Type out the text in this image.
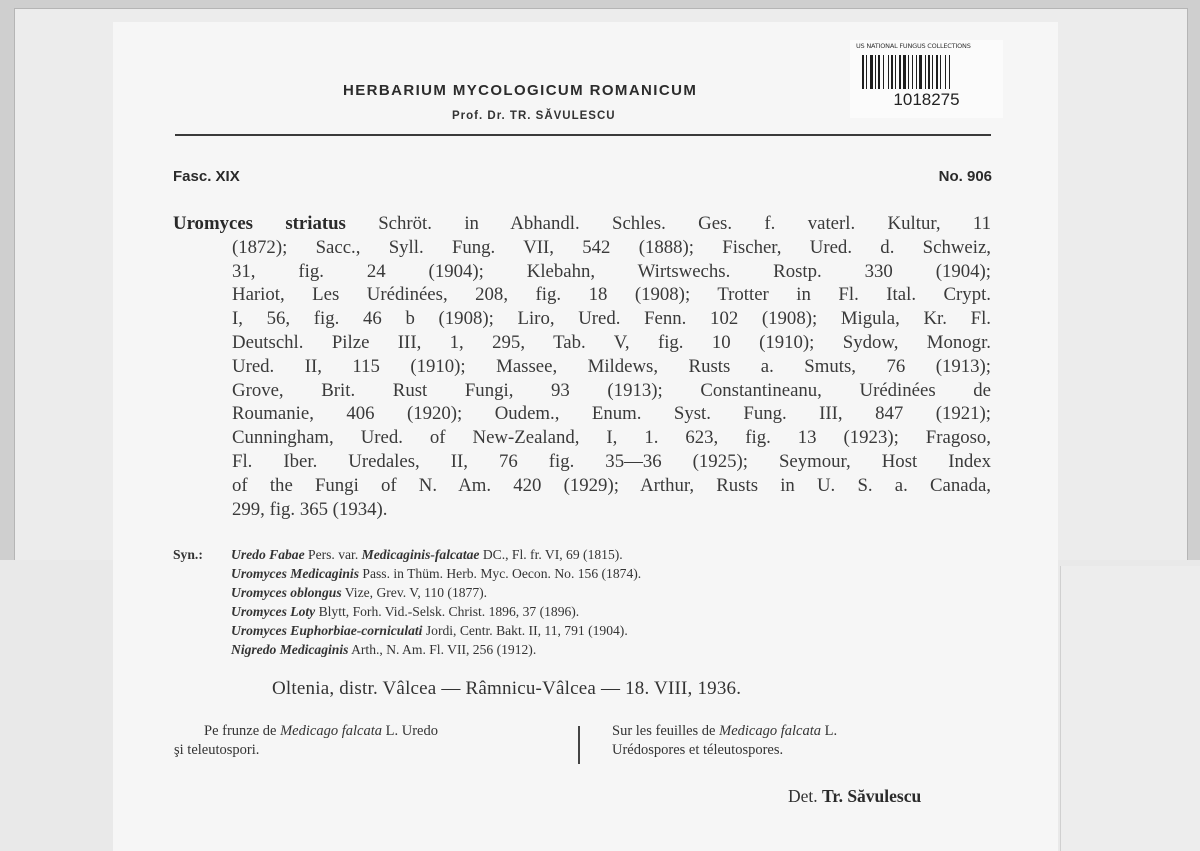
US NATIONAL FUNGUS COLLECTIONS
1018275
HERBARIUM MYCOLOGICUM ROMANICUM
Prof. Dr. TR. SĂVULESCU
Fasc. XIX	No. 906
Uromyces striatus Schröt. in Abhandl. Schles. Ges. f. vaterl. Kultur, 11
(1872); Sacc., Syll. Fung. VII, 542 (1888); Fischer, Ured. d. Schweiz,
31, fig. 24 (1904); Klebahn, Wirtswechs. Rostp. 330 (1904);
Hariot, Les Urédinées, 208, fig. 18 (1908); Trotter in Fl. Ital. Crypt.
I, 56, fig. 46 b (1908); Liro, Ured. Fenn. 102 (1908); Migula, Kr. Fl.
Deutschl. Pilze III, 1, 295, Tab. V, fig. 10 (1910); Sydow, Monogr.
Ured. II, 115 (1910); Massee, Mildews, Rusts a. Smuts, 76 (1913);
Grove, Brit. Rust Fungi, 93 (1913); Constantineanu, Urédinées de
Roumanie, 406 (1920); Oudem., Enum. Syst. Fung. III, 847 (1921);
Cunningham, Ured. of New-Zealand, I, 1. 623, fig. 13 (1923); Fragoso,
Fl. Iber. Uredales, II, 76 fig. 35—36 (1925); Seymour, Host Index
of the Fungi of N. Am. 420 (1929); Arthur, Rusts in U. S. a. Canada,
299, fig. 365 (1934).
Syn.: Uredo Fabae Pers. var. Medicaginis-falcatae DC., Fl. fr. VI, 69 (1815).
Uromyces Medicaginis Pass. in Thüm. Herb. Myc. Oecon. No. 156 (1874).
Uromyces oblongus Vize, Grev. V, 110 (1877).
Uromyces Loty Blytt, Forh. Vid.-Selsk. Christ. 1896, 37 (1896).
Uromyces Euphorbiae-corniculati Jordi, Centr. Bakt. II, 11, 791 (1904).
Nigredo Medicaginis Arth., N. Am. Fl. VII, 256 (1912).
Oltenia, distr. Vâlcea — Râmnicu-Vâlcea — 18. VIII, 1936.
Pe frunze de Medicago falcata L. Uredo
şi teleutospori.
Sur les feuilles de Medicago falcata L.
Urédospores et téleutospores.
Det. Tr. Săvulescu
